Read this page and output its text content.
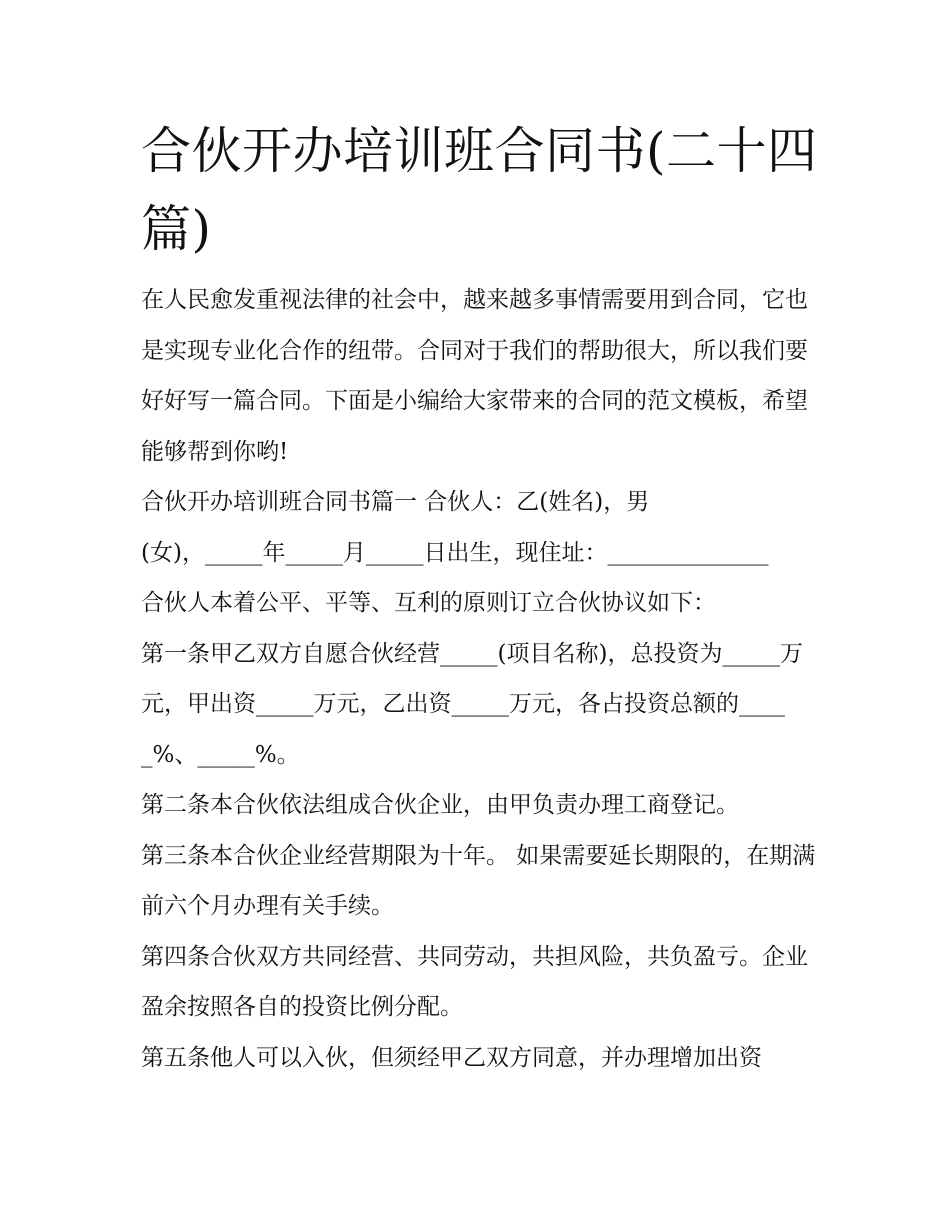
合伙开办培训班合同书(二十四篇)

在人民愈发重视法律的社会中，越来越多事情需要用到合同，它也是实现专业化合作的纽带。合同对于我们的帮助很大，所以我们要好好写一篇合同。下面是小编给大家带来的合同的范文模板，希望能够帮到你哟!

合伙开办培训班合同书篇一 合伙人：乙(姓名)，男

(女)，_____年_____月_____日出生，现住址：______________

合伙人本着公平、平等、互利的原则订立合伙协议如下：

第一条甲乙双方自愿合伙经营_____(项目名称)，总投资为_____万元，甲出资_____万元，乙出资_____万元，各占投资总额的_____%、_____%。

第二条本合伙依法组成合伙企业，由甲负责办理工商登记。

第三条本合伙企业经营期限为十年。 如果需要延长期限的，在期满前六个月办理有关手续。

第四条合伙双方共同经营、共同劳动，共担风险，共负盈亏。企业盈余按照各自的投资比例分配。

第五条他人可以入伙，但须经甲乙双方同意，并办理增加出资
